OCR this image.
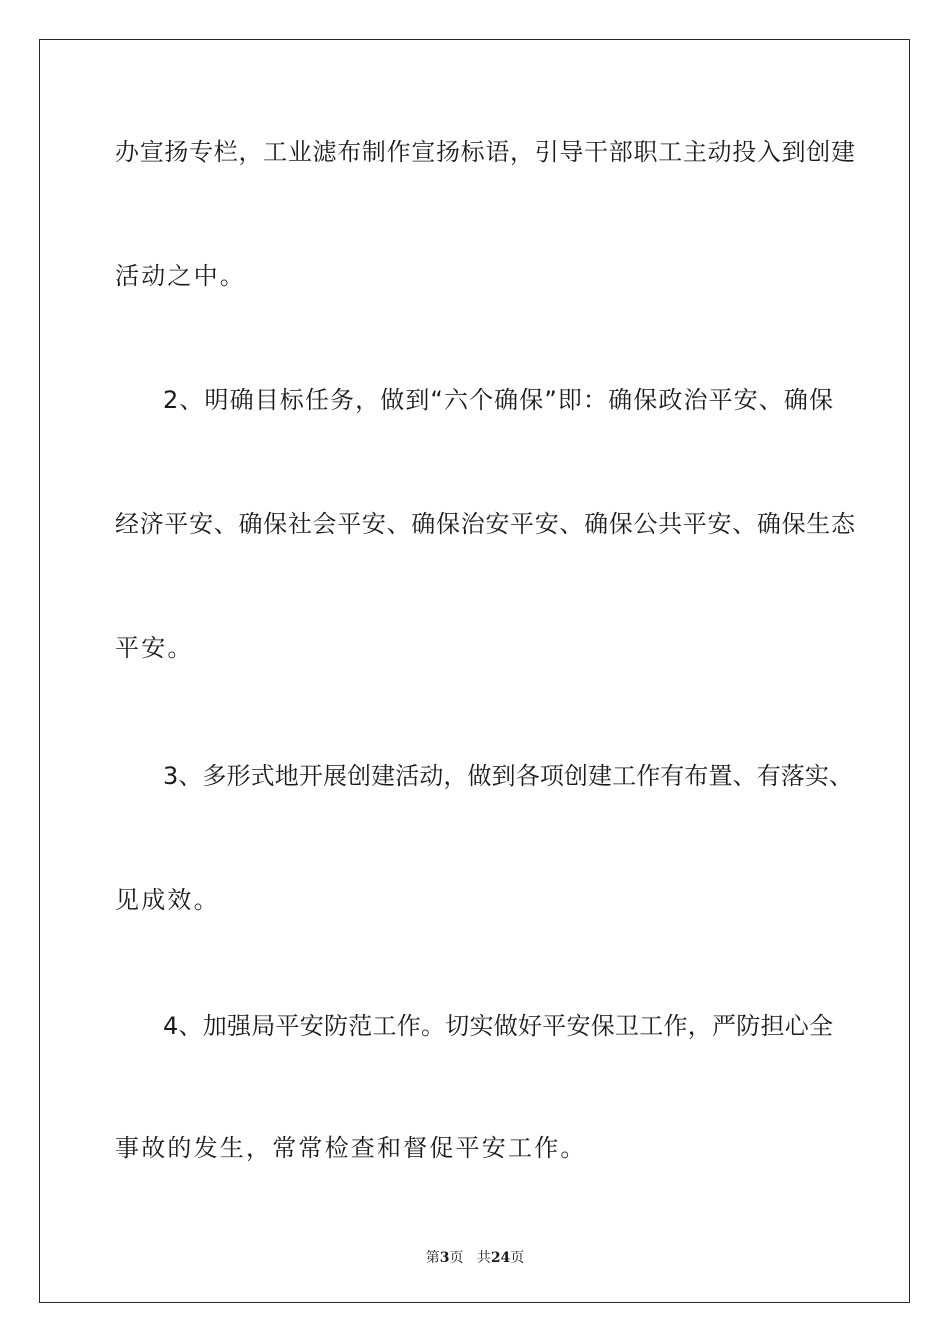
办宣扬专栏，工业滤布制作宣扬标语，引导干部职工主动投入到创建
活动之中。
2、明确目标任务，做到“六个确保”即：确保政治平安、确保
经济平安、确保社会平安、确保治安平安、确保公共平安、确保生态
平安。
3、多形式地开展创建活动，做到各项创建工作有布置、有落实、
见成效。
4、加强局平安防范工作。切实做好平安保卫工作，严防担心全
事故的发生，常常检查和督促平安工作。
第3页 共24页
